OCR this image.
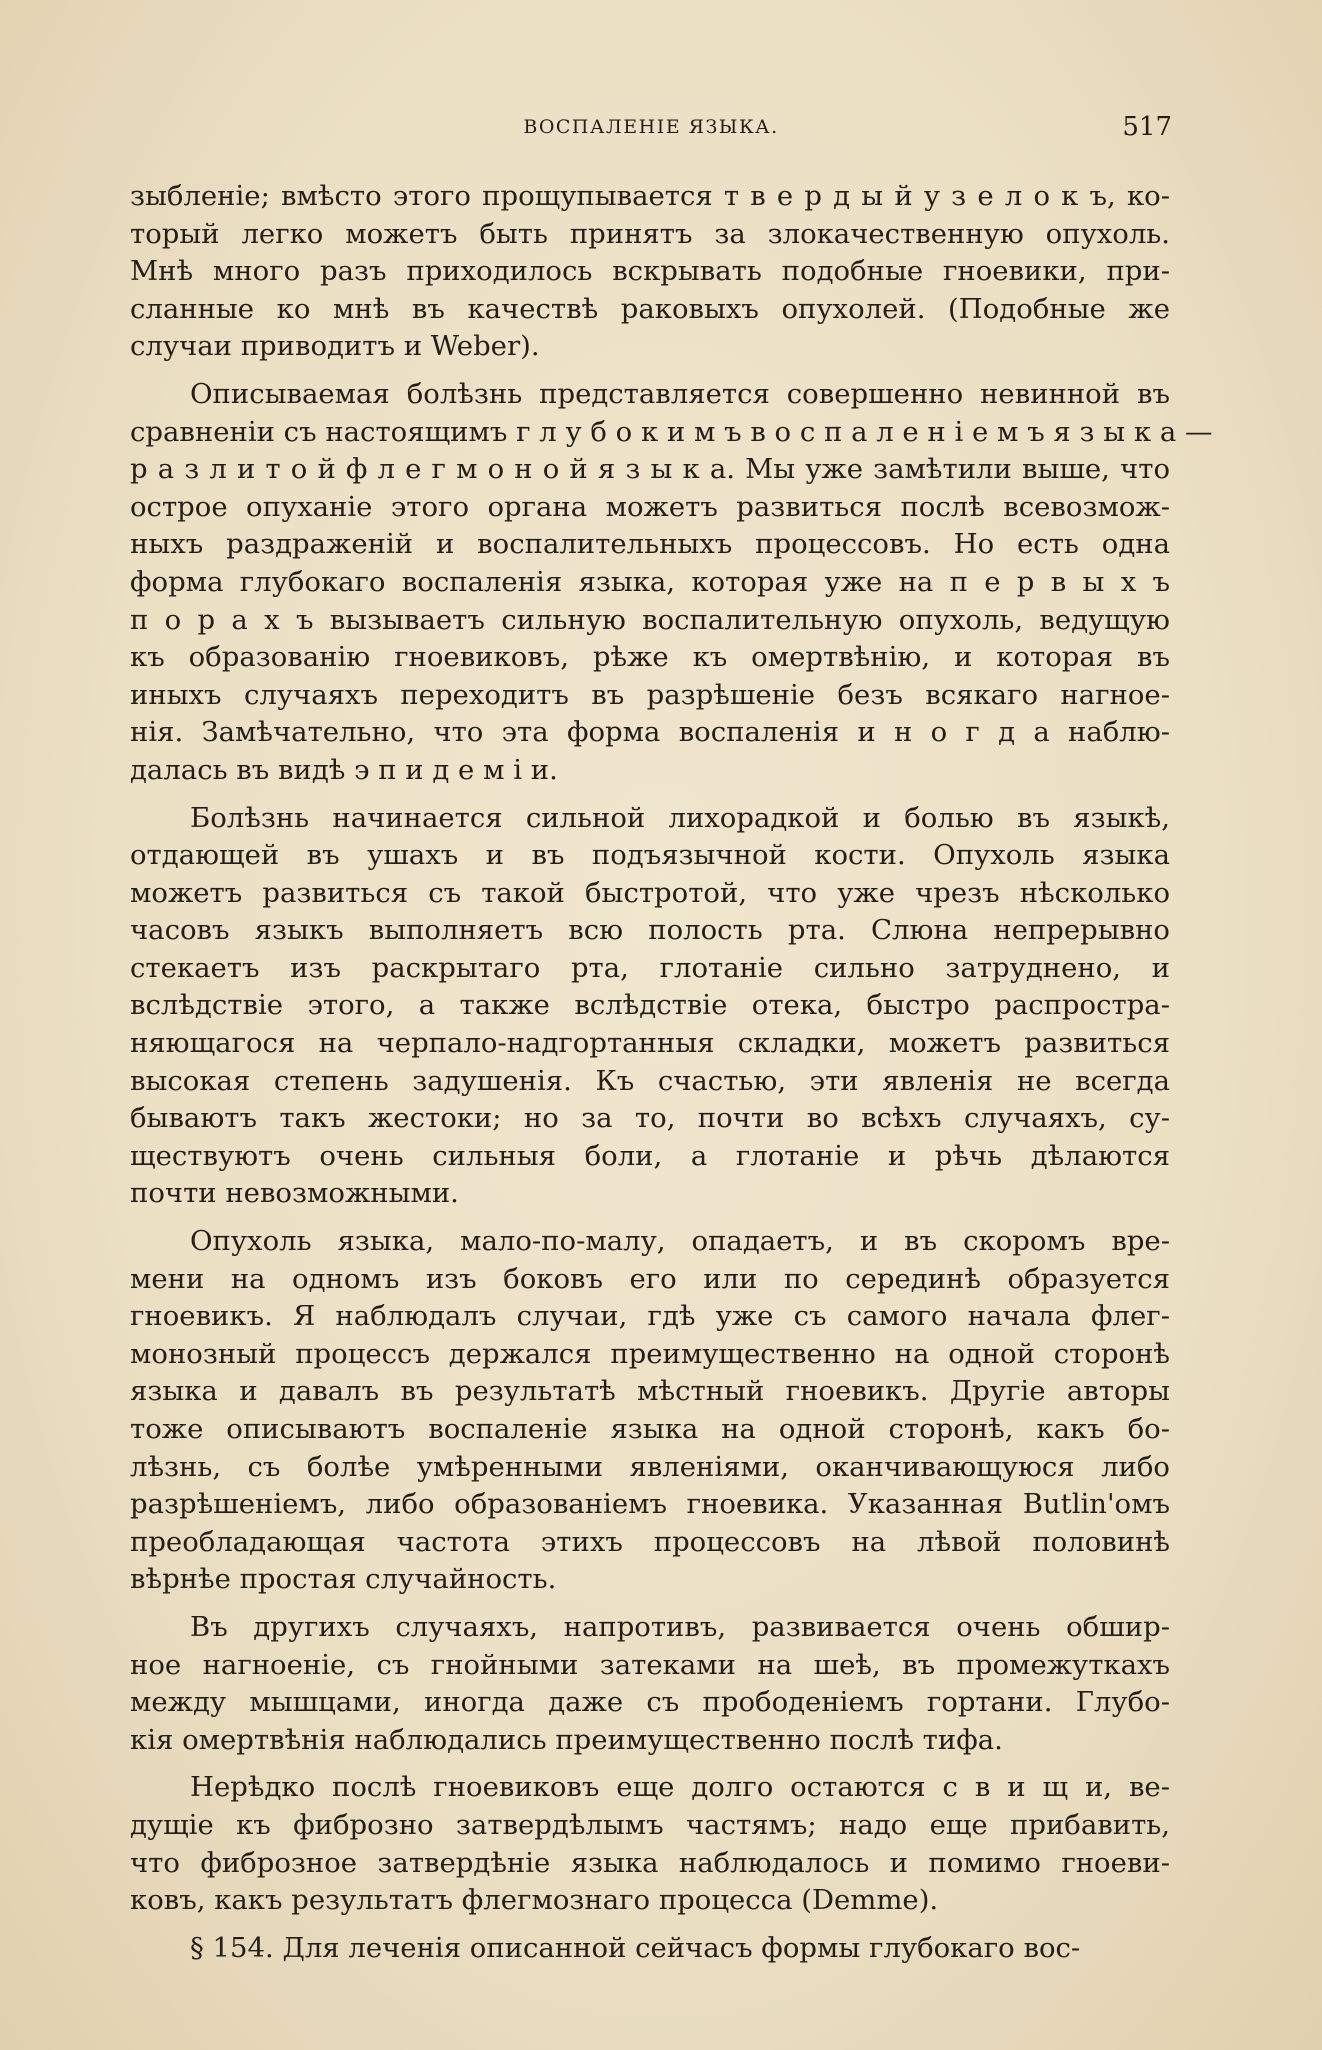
ВОСПАЛЕНІЕ ЯЗЫКА.	517
зыбленіе; вмѣсто этого прощупывается т в е р д ы й у з е л о к ъ, ко-
торый легко можетъ быть принятъ за злокачественную опухоль.
Мнѣ много разъ приходилось вскрывать подобные гноевики, при-
сланные ко мнѣ въ качествѣ раковыхъ опухолей. (Подобные же
случаи приводитъ и Weber).
Описываемая болѣзнь представляется совершенно невинной въ
сравненіи съ настоящимъ г л у б о к и м ъ в о с п а л е н і е м ъ я з ы к а —
р а з л и т о й ф л е г м о н о й я з ы к а. Мы уже замѣтили выше, что
острое опуханіе этого органа можетъ развиться послѣ всевозмож-
ныхъ раздраженій и воспалительныхъ процессовъ. Но есть одна
форма глубокаго воспаленія языка, которая уже на п е р в ы х ъ
п о р а х ъ вызываетъ сильную воспалительную опухоль, ведущую
къ образованію гноевиковъ, рѣже къ омертвѣнію, и которая въ
иныхъ случаяхъ переходитъ въ разрѣшеніе безъ всякаго нагное-
нія. Замѣчательно, что эта форма воспаленія и н о г д а наблю-
далась въ видѣ э п и д е м і и.
Болѣзнь начинается сильной лихорадкой и болью въ языкѣ,
отдающей въ ушахъ и въ подъязычной кости. Опухоль языка
можетъ развиться съ такой быстротой, что уже чрезъ нѣсколько
часовъ языкъ выполняетъ всю полость рта. Слюна непрерывно
стекаетъ изъ раскрытаго рта, глотаніе сильно затруднено, и
вслѣдствіе этого, а также вслѣдствіе отека, быстро распростра-
няющагося на черпало-надгортанныя складки, можетъ развиться
высокая степень задушенія. Къ счастью, эти явленія не всегда
бываютъ такъ жестоки; но за то, почти во всѣхъ случаяхъ, су-
ществуютъ очень сильныя боли, а глотаніе и рѣчь дѣлаются
почти невозможными.
Опухоль языка, мало-по-малу, опадаетъ, и въ скоромъ вре-
мени на одномъ изъ боковъ его или по серединѣ образуется
гноевикъ. Я наблюдалъ случаи, гдѣ уже съ самого начала флег-
монозный процессъ держался преимущественно на одной сторонѣ
языка и давалъ въ результатѣ мѣстный гноевикъ. Другіе авторы
тоже описываютъ воспаленіе языка на одной сторонѣ, какъ бо-
лѣзнь, съ болѣе умѣренными явленіями, оканчивающуюся либо
разрѣшеніемъ, либо образованіемъ гноевика. Указанная Butlin'омъ
преобладающая частота этихъ процессовъ на лѣвой половинѣ
вѣрнѣе простая случайность.
Въ другихъ случаяхъ, напротивъ, развивается очень обшир-
ное нагноеніе, съ гнойными затеками на шеѣ, въ промежуткахъ
между мышцами, иногда даже съ прободеніемъ гортани. Глубо-
кія омертвѣнія наблюдались преимущественно послѣ тифа.
Нерѣдко послѣ гноевиковъ еще долго остаются с в и щ и, ве-
дущіе къ фиброзно затвердѣлымъ частямъ; надо еще прибавить,
что фиброзное затвердѣніе языка наблюдалось и помимо гноеви-
ковъ, какъ результатъ флегмознаго процесса (Demme).
§ 154. Для леченія описанной сейчасъ формы глубокаго вос-
